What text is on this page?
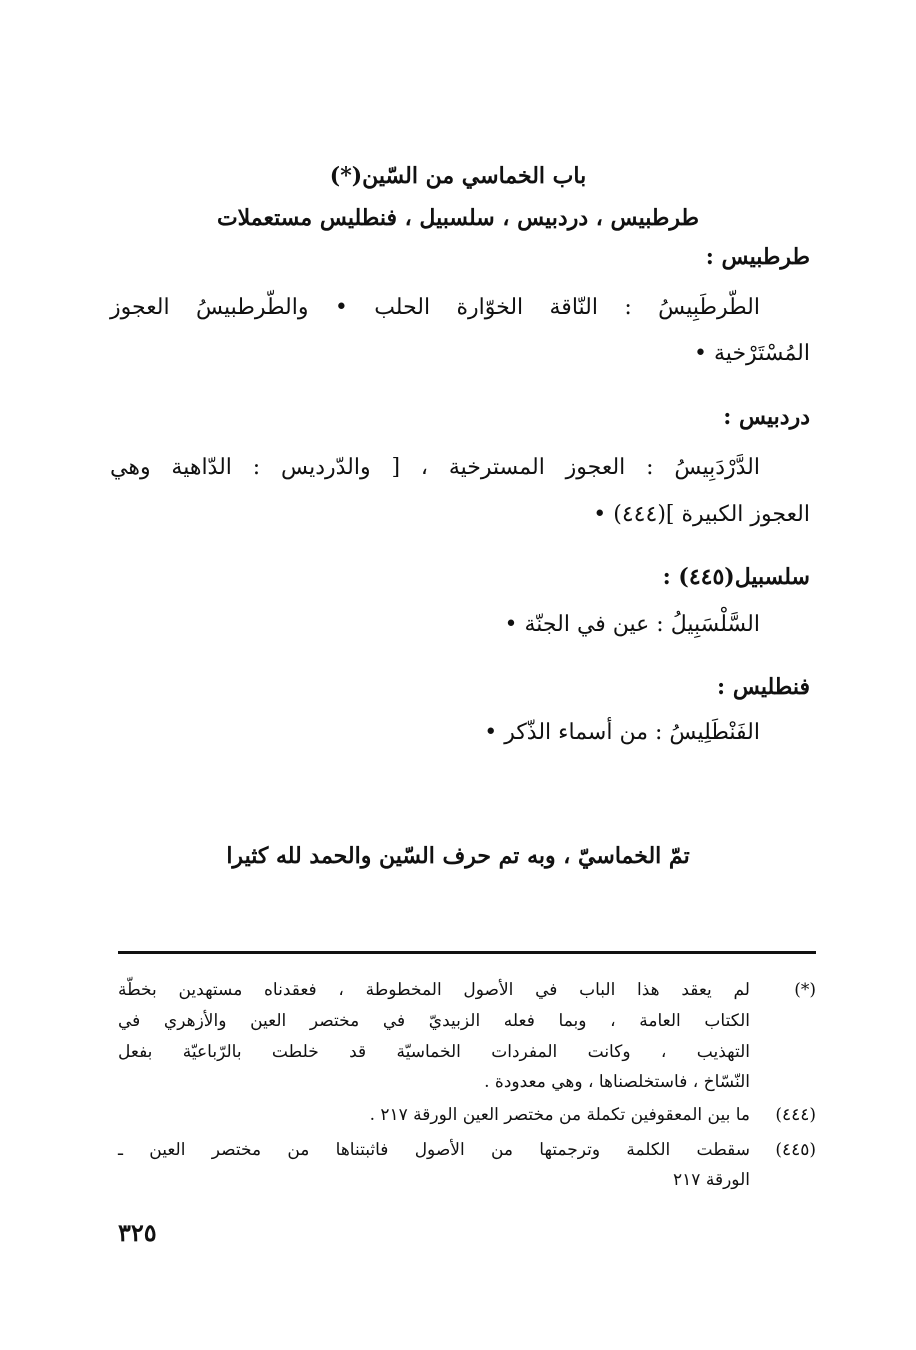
باب الخماسي من السّين(*)
طرطبيس ، دردبيس ، سلسبيل ، فنطليس مستعملات
طرطبيس :
الطّرطَبِيسُ : النّاقة الخوّارة الحلب • والطّرطبيسُ العجوز
المُسْتَرْخية •
دردبيس :
الدَّرْدَبِيسُ : العجوز المسترخية ، [ والدّرديس : الدّاهية وهي
العجوز الكبيرة ](٤٤٤) •
سلسبيل(٤٤٥) :
السَّلْسَبِيلُ : عين في الجنّة •
فنطليس :
الفَنْطَلِيسُ : من أسماء الذّكر •
تمّ الخماسيّ ، وبه تم حرف السّين والحمد لله كثيرا
(*)
لم يعقد هذا الباب في الأصول المخطوطة ، فعقدناه مستهدين بخطّة
الكتاب العامة ، وبما فعله الزبيديّ في مختصر العين والأزهري في
التهذيب ، وكانت المفردات الخماسيّة قد خلطت بالرّباعيّة بفعل
النّسّاخ ، فاستخلصناها ، وهي معدودة .
(٤٤٤)
ما بين المعقوفين تكملة من مختصر العين الورقة ٢١٧ .
(٤٤٥)
سقطت الكلمة وترجمتها من الأصول فاثبتناها من مختصر العين ـ
الورقة ٢١٧
٣٢٥
